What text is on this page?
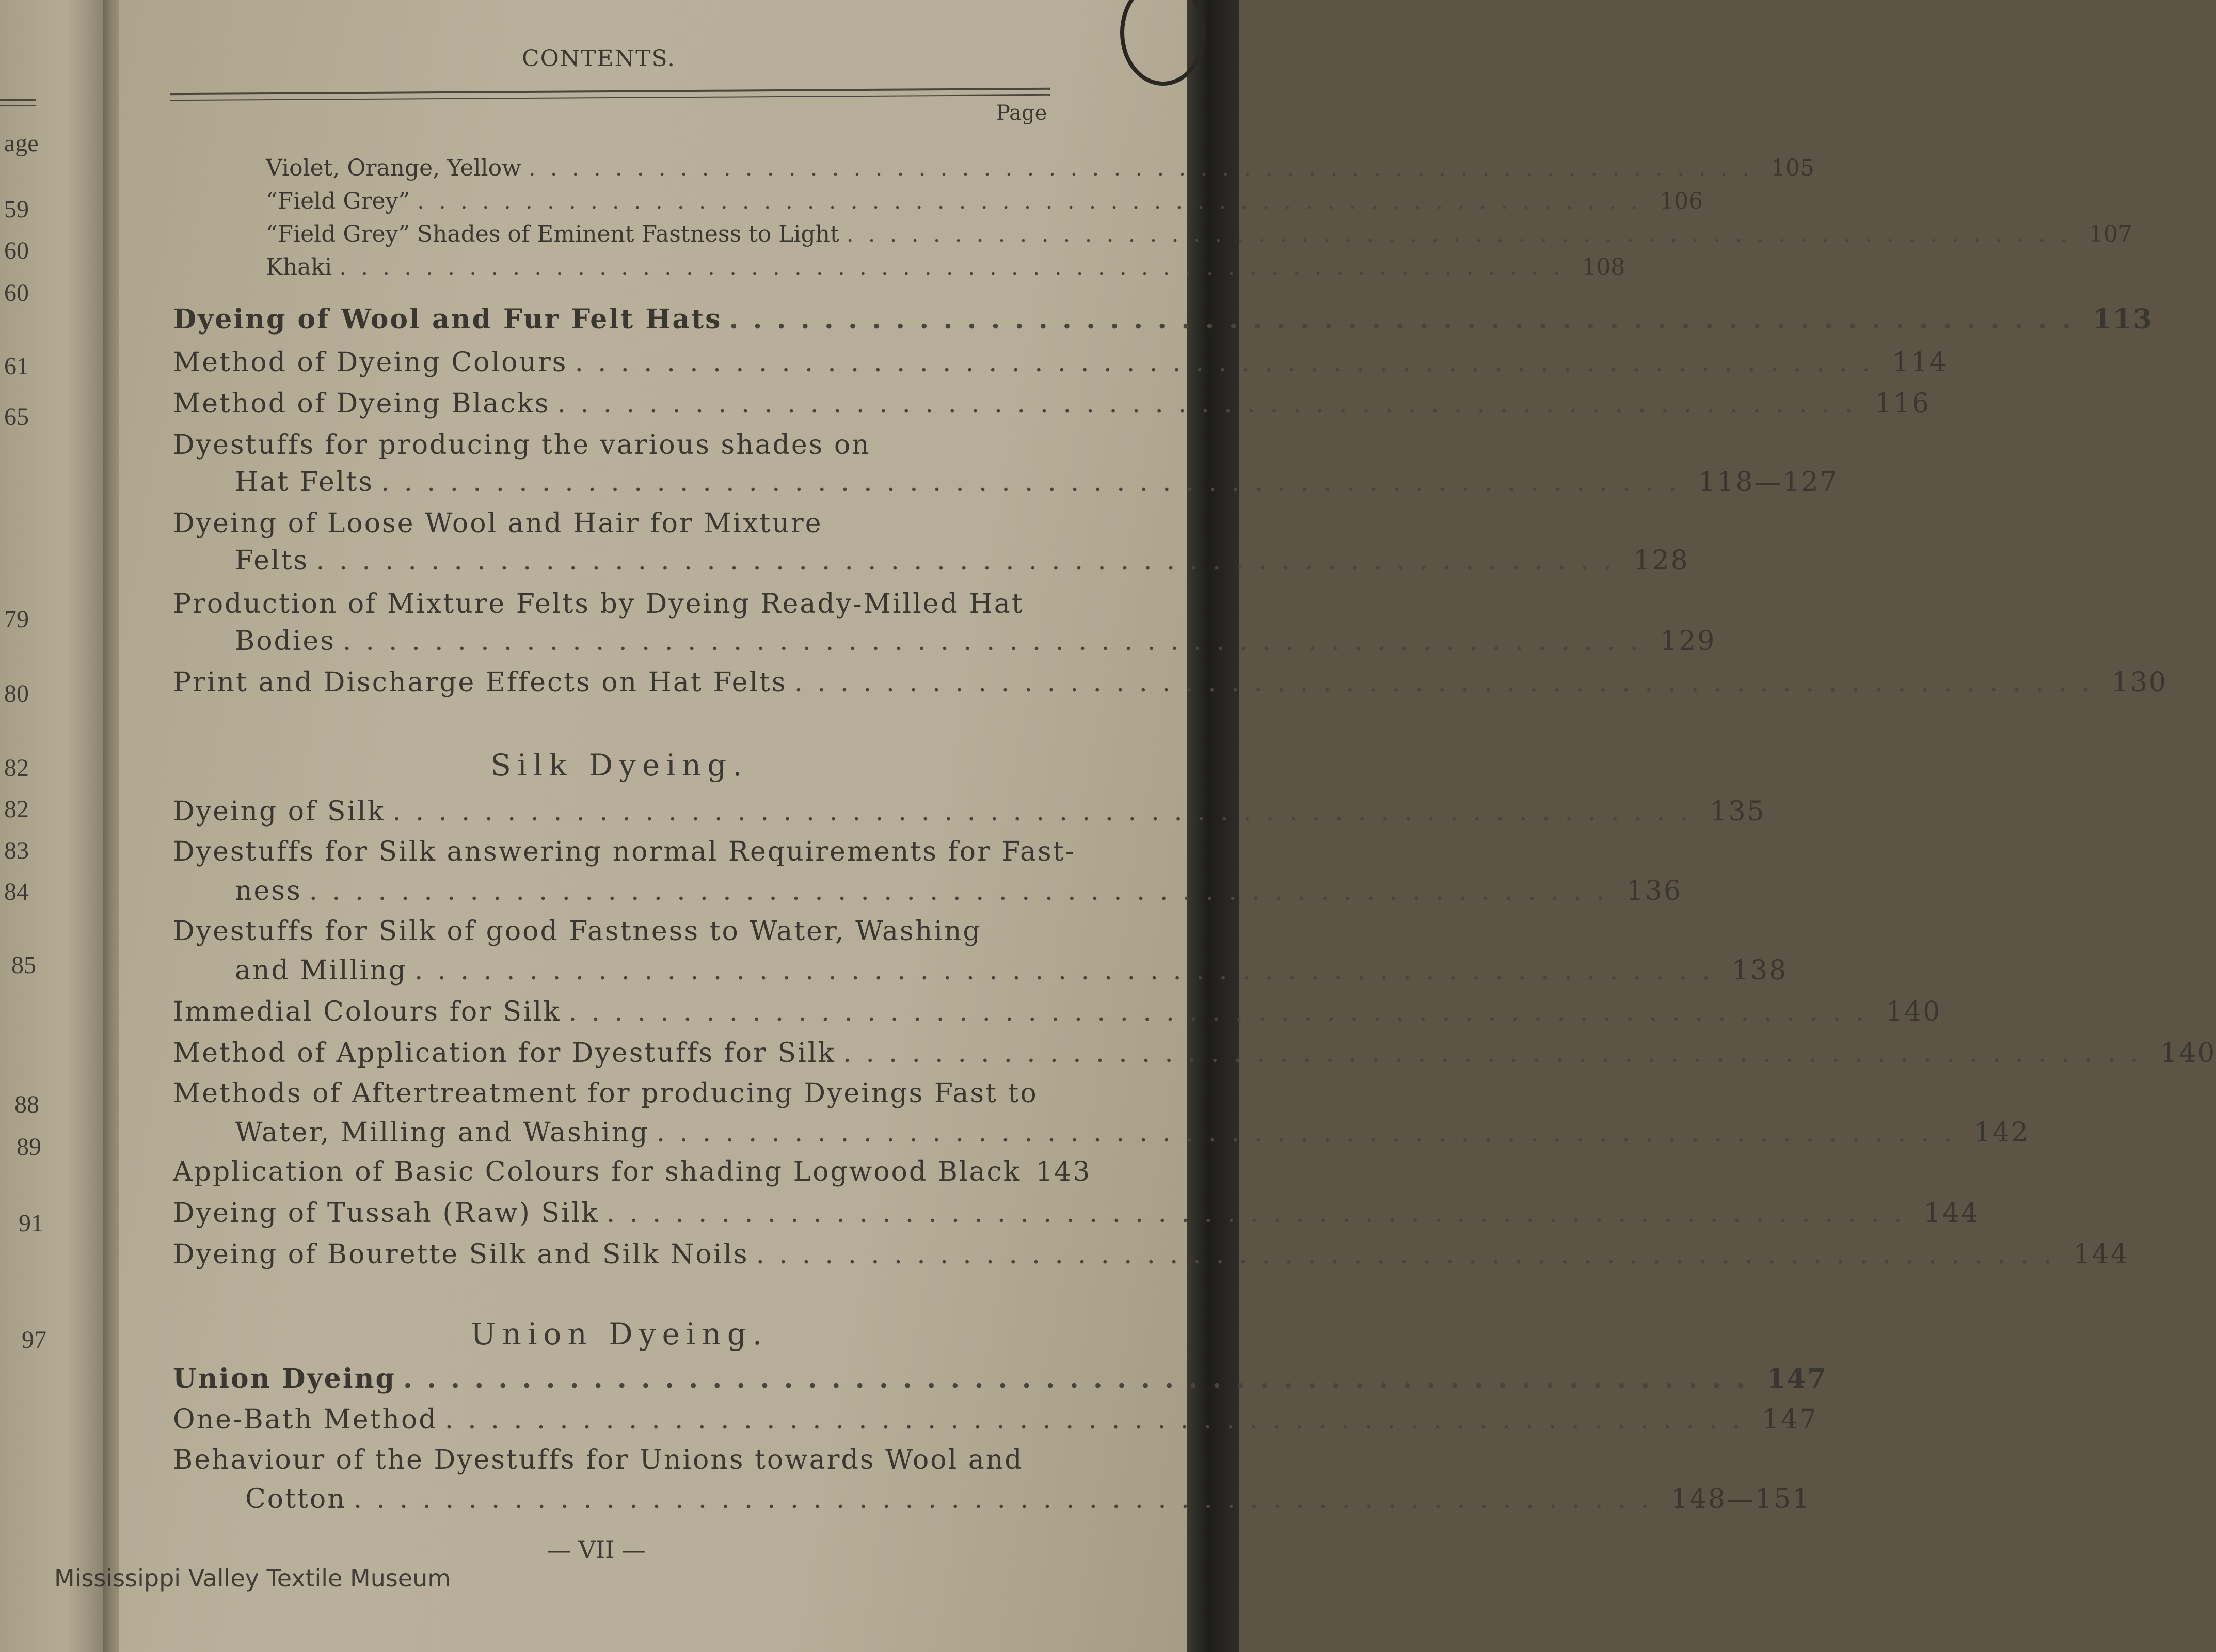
age
59
60
60
61
65
79
80
82
82
83
84
85
88
89
91
97
CONTENTS.
Page
Violet, Orange, Yellow ......................................................... 105
“Field Grey” ......................................................... 106
“Field Grey” Shades of Eminent Fastness to Light ......................................................... 107
Khaki ......................................................... 108
Dyeing of Wool and Fur Felt Hats ......................................................... 113
Method of Dyeing Colours ......................................................... 114
Method of Dyeing Blacks ......................................................... 116
Dyestuffs for producing the various shades on
Hat Felts ......................................................... 118—127
Dyeing of Loose Wool and Hair for Mixture
Felts ......................................................... 128
Production of Mixture Felts by Dyeing Ready-Milled Hat
Bodies ......................................................... 129
Print and Discharge Effects on Hat Felts ......................................................... 130
Silk Dyeing.
Dyeing of Silk ......................................................... 135
Dyestuffs for Silk answering normal Requirements for Fast-
ness ......................................................... 136
Dyestuffs for Silk of good Fastness to Water, Washing
and Milling ......................................................... 138
Immedial Colours for Silk ......................................................... 140
Method of Application for Dyestuffs for Silk ......................................................... 140
Methods of Aftertreatment for producing Dyeings Fast to
Water, Milling and Washing ......................................................... 142
Application of Basic Colours for shading Logwood Black 143
Dyeing of Tussah (Raw) Silk ......................................................... 144
Dyeing of Bourette Silk and Silk Noils ......................................................... 144
Union Dyeing.
Union Dyeing ......................................................... 147
One-Bath Method ......................................................... 147
Behaviour of the Dyestuffs for Unions towards Wool and
Cotton ......................................................... 148—151
— VII —
Mississippi Valley Textile Museum
